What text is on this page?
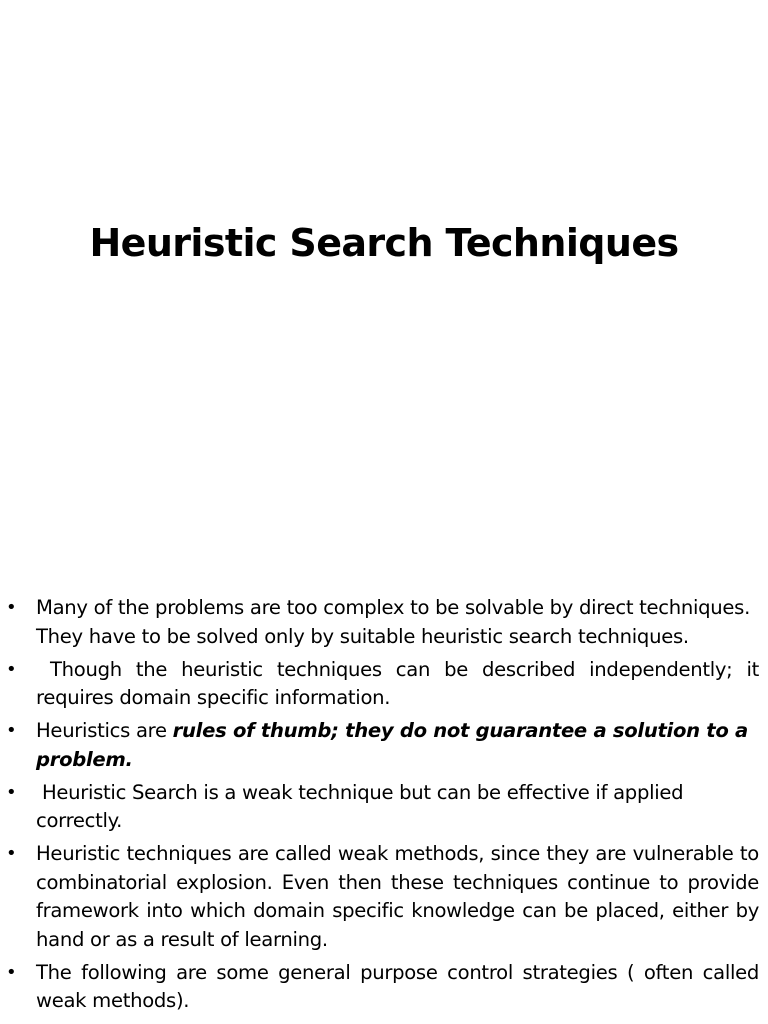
Heuristic Search Techniques
• Many of the problems are too complex to be solvable by direct techniques. They have to be solved only by suitable heuristic search techniques.
• Though the heuristic techniques can be described independently; it requires domain specific information.
• Heuristics are rules of thumb; they do not guarantee a solution to a problem.
• Heuristic Search is a weak technique but can be effective if applied correctly.
• Heuristic techniques are called weak methods, since they are vulnerable to combinatorial explosion. Even then these techniques continue to provide framework into which domain specific knowledge can be placed, either by hand or as a result of learning.
• The following are some general purpose control strategies ( often called weak methods).
